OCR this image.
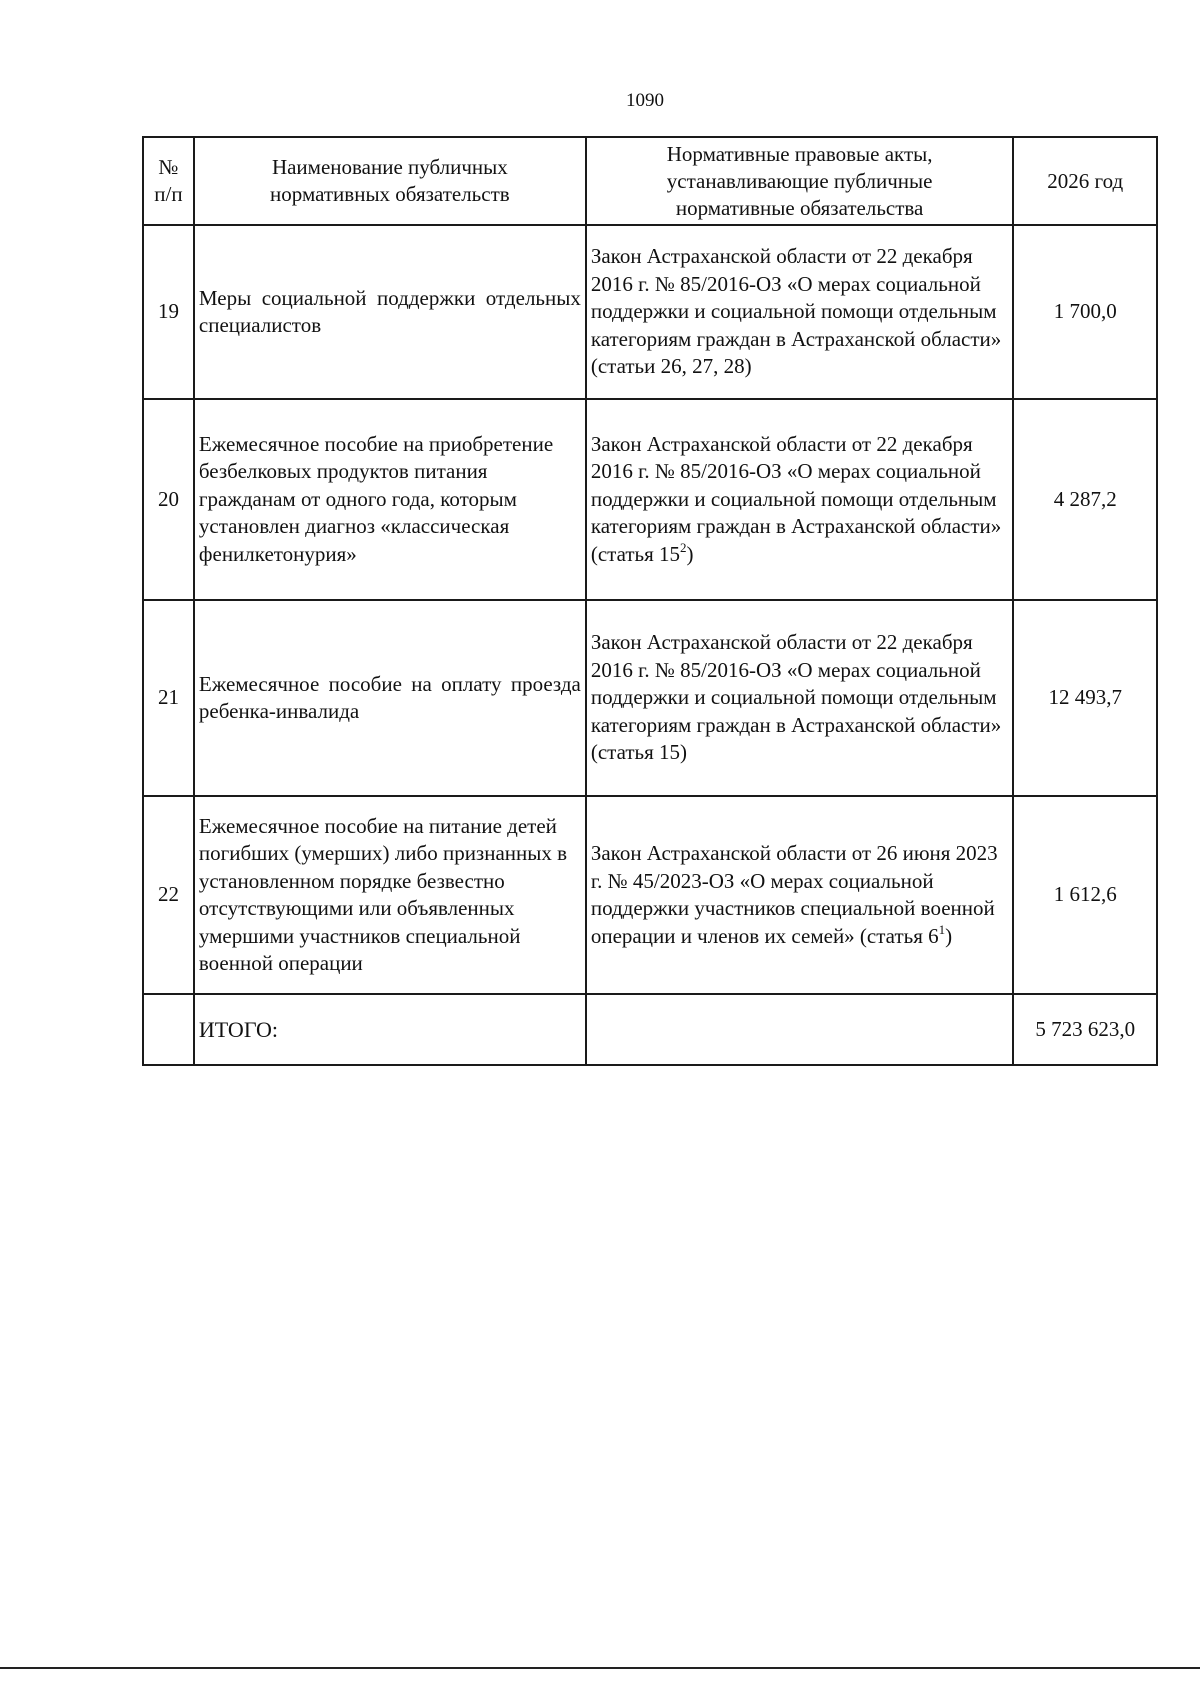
1090
№ п/п	Наименование публичных нормативных обязательств	Нормативные правовые акты, устанавливающие публичные нормативные обязательства	2026 год
19	Меры социальной поддержки отдельных специалистов	Закон Астраханской области от 22 декабря 2016 г. № 85/2016-ОЗ «О мерах социальной поддержки и социальной помощи отдельным категориям граждан в Астраханской области» (статьи 26, 27, 28)	1 700,0
20	Ежемесячное пособие на приобретение безбелковых продуктов питания гражданам от одного года, которым установлен диагноз «классическая фенилкетонурия»	Закон Астраханской области от 22 декабря 2016 г. № 85/2016-ОЗ «О мерах социальной поддержки и социальной помощи отдельным категориям граждан в Астраханской области» (статья $15^2$)	4 287,2
21	Ежемесячное пособие на оплату проезда ребенка-инвалида	Закон Астраханской области от 22 декабря 2016 г. № 85/2016-ОЗ «О мерах социальной поддержки и социальной помощи отдельным категориям граждан в Астраханской области» (статья 15)	12 493,7
22	Ежемесячное пособие на питание детей погибших (умерших) либо признанных в установленном порядке безвестно отсутствующими или объявленных умершими участников специальной военной операции	Закон Астраханской области от 26 июня 2023 г. № 45/2023-ОЗ «О мерах социальной поддержки участников специальной военной операции и членов их семей» (статья $6^1$)	1 612,6
	ИТОГО:		5 723 623,0
